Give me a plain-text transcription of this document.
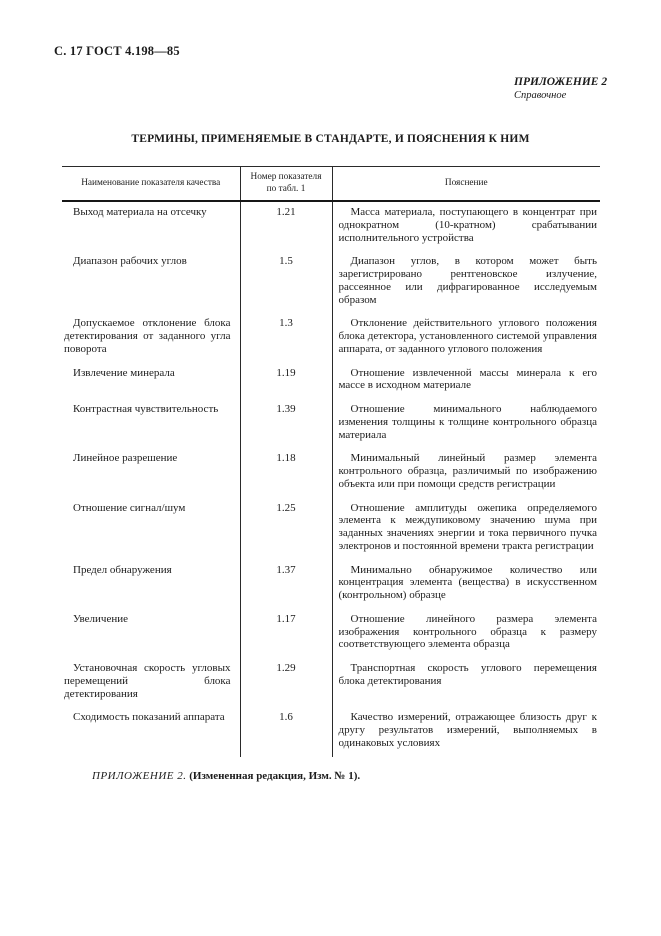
С. 17 ГОСТ 4.198—85
ПРИЛОЖЕНИЕ 2
Справочное
ТЕРМИНЫ, ПРИМЕНЯЕМЫЕ В СТАНДАРТЕ, И ПОЯСНЕНИЯ К НИМ
Наименование показателя качества	Номер показателя по табл. 1	Пояснение
Выход материала на отсечку	1.21	Масса материала, поступающего в концентрат при однократном (10-кратном) срабатывании исполнительного устройства
Диапазон рабочих углов	1.5	Диапазон углов, в котором может быть зарегистрировано рентгеновское излучение, рассеянное или дифрагированное исследуемым образом
Допускаемое отклонение блока детектирования от заданного угла поворота	1.3	Отклонение действительного углового положения блока детектора, установленного системой управления аппарата, от заданного углового положения
Извлечение минерала	1.19	Отношение извлеченной массы минерала к его массе в исходном материале
Контрастная чувствительность	1.39	Отношение минимального наблюдаемого изменения толщины к толщине контрольного образца материала
Линейное разрешение	1.18	Минимальный линейный размер элемента контрольного образца, различимый по изображению объекта или при помощи средств регистрации
Отношение сигнал/шум	1.25	Отношение амплитуды ожепика определяемого элемента к междупиковому значению шума при заданных значениях энергии и тока первичного пучка электронов и постоянной времени тракта регистрации
Предел обнаружения	1.37	Минимально обнаружимое количество или концентрация элемента (вещества) в искусственном (контрольном) образце
Увеличение	1.17	Отношение линейного размера элемента изображения контрольного образца к размеру соответствующего элемента образца
Установочная скорость угловых перемещений блока детектирования	1.29	Транспортная скорость углового перемещения блока детектирования
Сходимость показаний аппарата	1.6	Качество измерений, отражающее близость друг к другу результатов измерений, выполняемых в одинаковых условиях

ПРИЛОЖЕНИЕ 2. (Измененная редакция, Изм. № 1).
